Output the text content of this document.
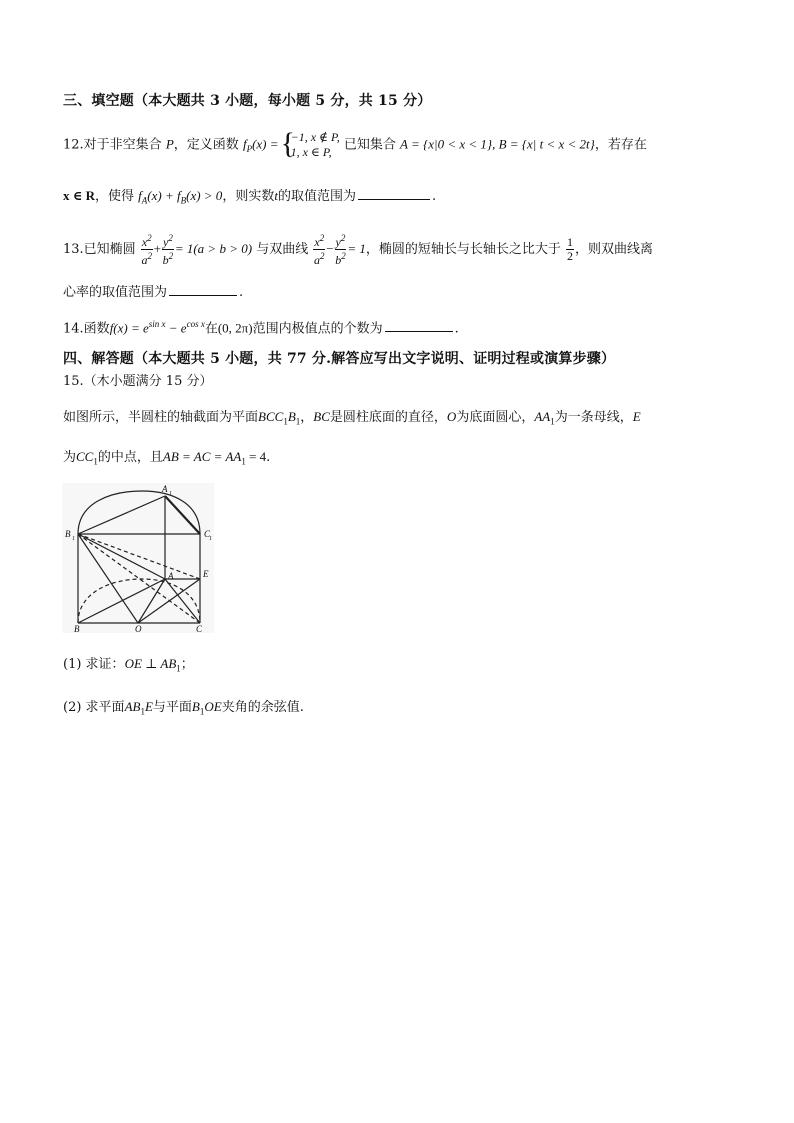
三、填空题（本大题共 3 小题，每小题 5 分，共 15 分）
12.对于非空集合 P，定义函数 $f_P(x)$ =
{ −1, x ∉ P,
1, x ∈ P, 已知集合 A = {x|0 < x < 1}, B = {x| t < x < 2t}，若存在
x ∈ R，使得 $f_A(x) + f_B(x) > 0$，则实数t的取值范围为	.
13.已知椭圆 $\frac{x^2}{a^2} + \frac{y^2}{b^2} = 1(a > b > 0)$ 与双曲线 $\frac{x^2}{a^2} - \frac{y^2}{b^2} = 1$，椭圆的短轴长与长轴长之比大于 $\frac{1}{2}$ ，则双曲线离
心率的取值范围为	.
14.函数$f(x) = e^{sin x} - e^{cos x}$在(0, 2π)范围内极值点的个数为	.
四、解答题（本大题共 5 小题，共 77 分.解答应写出文字说明、证明过程或演算步骤）
15.（木小题满分 15 分）
如图所示，半圆柱的轴截面为平面$BCC_1B_1$，BC是圆柱底面的直径，O为底面圆心，$AA_1$为一条母线，E
为$CC_1$的中点，且AB = AC = $AA_1 = 4$.
A 1
B 1	C
1
A	E
B	O	C
(1) 求证：OE ⊥ $AB_1$；
(2) 求平面$AB_1E$与平面$B_1OE$夹角的余弦值.
